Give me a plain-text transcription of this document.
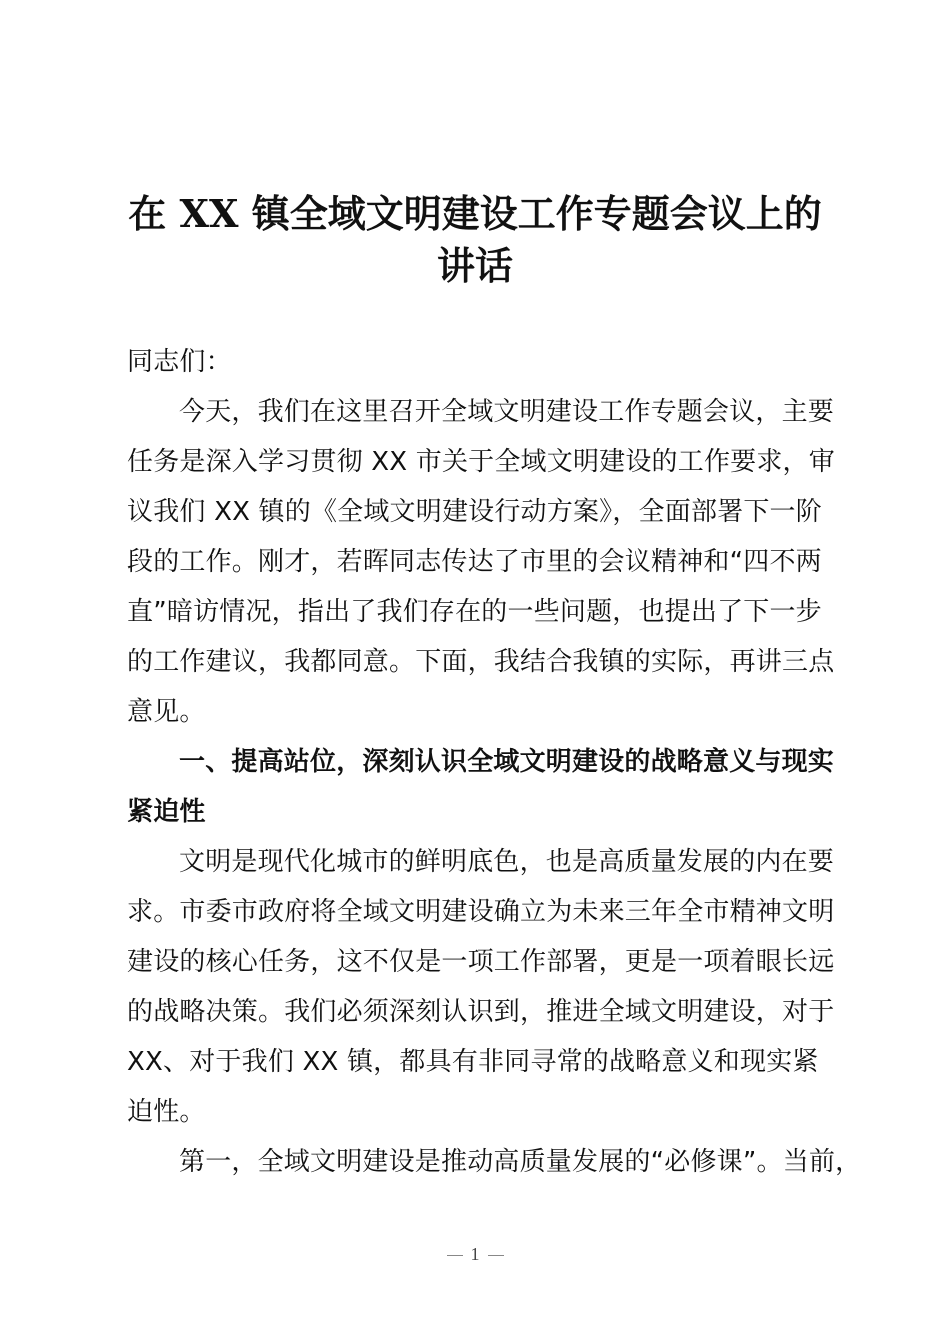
在 XX 镇全域文明建设工作专题会议上的
讲话
同志们：
今天，我们在这里召开全域文明建设工作专题会议，主要
任务是深入学习贯彻 XX 市关于全域文明建设的工作要求，审
议我们 XX 镇的《全域文明建设行动方案》，全面部署下一阶
段的工作。刚才，若晖同志传达了市里的会议精神和“四不两
直”暗访情况，指出了我们存在的一些问题，也提出了下一步
的工作建议，我都同意。下面，我结合我镇的实际，再讲三点
意见。
一、提高站位，深刻认识全域文明建设的战略意义与现实
紧迫性
文明是现代化城市的鲜明底色，也是高质量发展的内在要
求。市委市政府将全域文明建设确立为未来三年全市精神文明
建设的核心任务，这不仅是一项工作部署，更是一项着眼长远
的战略决策。我们必须深刻认识到，推进全域文明建设，对于
XX、对于我们 XX 镇，都具有非同寻常的战略意义和现实紧
迫性。
第一，全域文明建设是推动高质量发展的“必修课”。当前，
1
